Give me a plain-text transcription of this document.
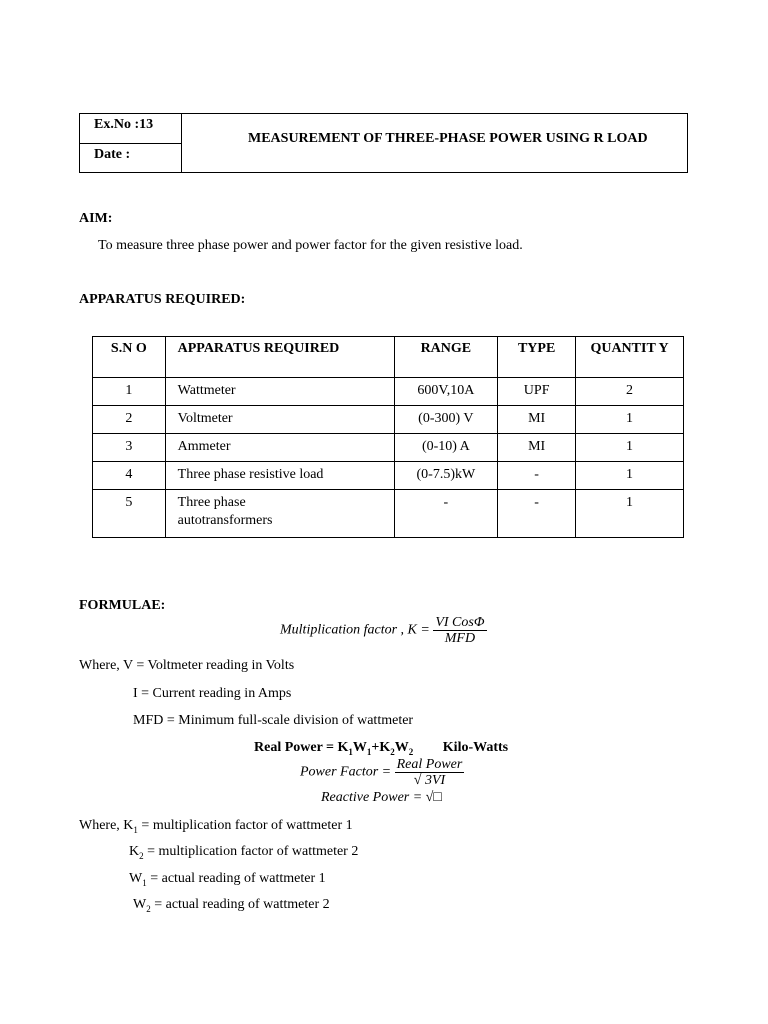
Ex.No :13
Date :
MEASUREMENT OF THREE-PHASE POWER USING R LOAD
AIM:
To measure three phase power and power factor for the given resistive load.
APPARATUS REQUIRED:
S.N O	APPARATUS REQUIRED	RANGE	TYPE	QUANTIT Y
1	Wattmeter	600V,10A	UPF	2
2	Voltmeter	(0-300) V	MI	1
3	Ammeter	(0-10) A	MI	1
4	Three phase resistive load	(0-7.5)kW	-	1
5	Three phase autotransformers	-	-	1
FORMULAE:
Multiplication factor , $K = \frac{\text{VI CosΦ}}{\text{MFD}}$
Where, V = Voltmeter reading in Volts
I = Current reading in Amps
MFD = Minimum full-scale division of wattmeter
Real Power = $K_1W_1+K_2W_2$ Kilo-Watts
Power Factor = $\frac{\text{Real Power}}{√ 3VI}$
Reactive Power = √□
Where, $K_1$ = multiplication factor of wattmeter 1
$K_2$ = multiplication factor of wattmeter 2
$W_1$ = actual reading of wattmeter 1
$W_2$ = actual reading of wattmeter 2
